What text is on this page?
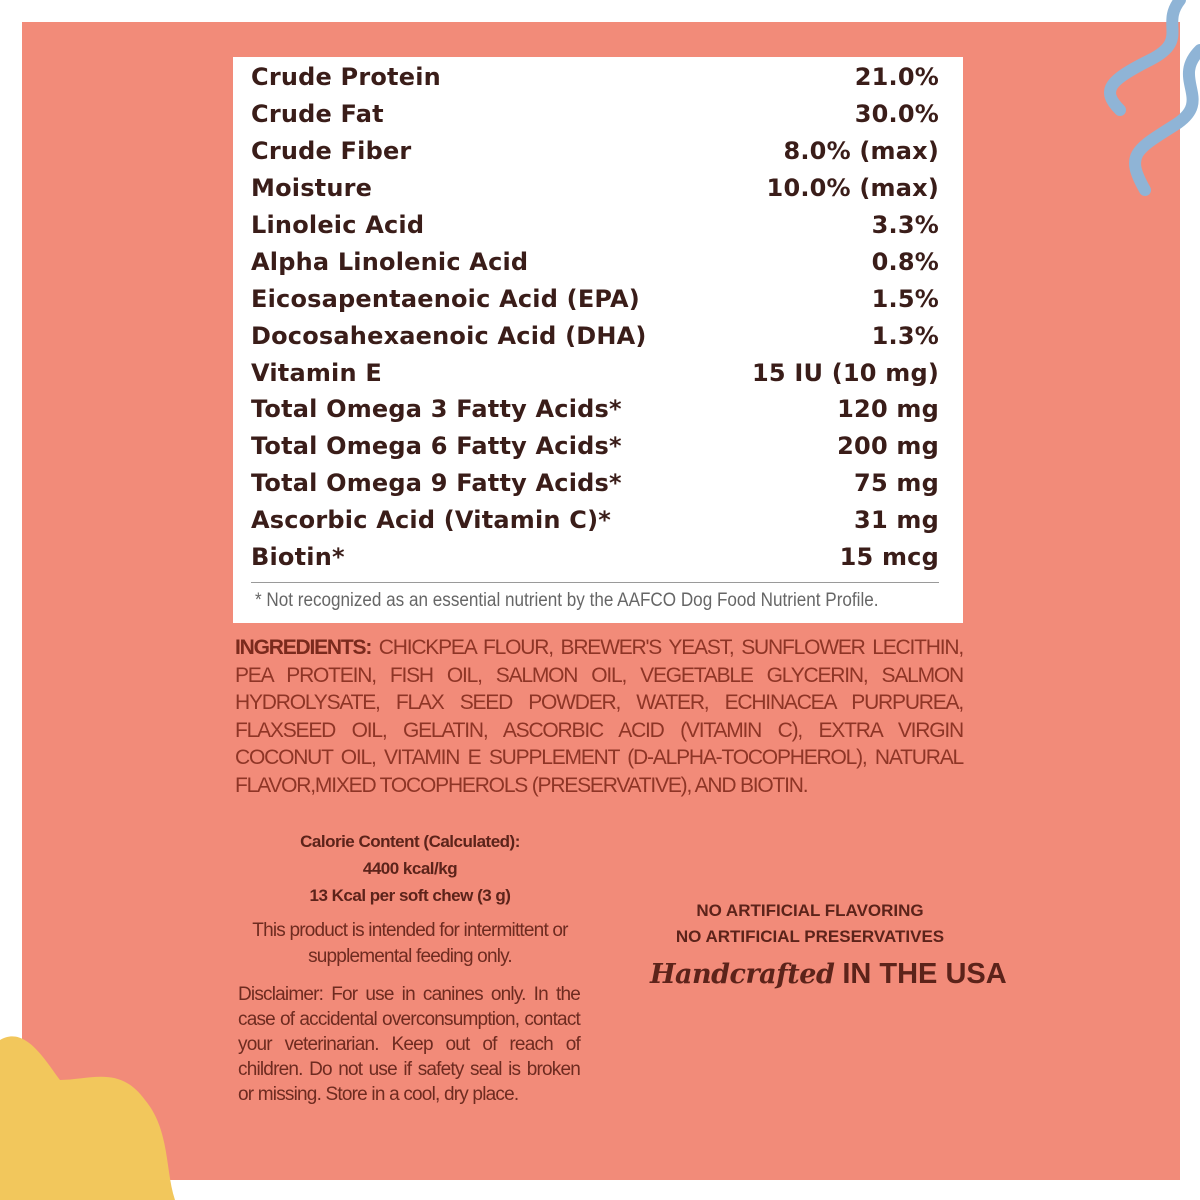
Crude Protein	21.0%
Crude Fat	30.0%
Crude Fiber	8.0% (max)
Moisture	10.0% (max)
Linoleic Acid	3.3%
Alpha Linolenic Acid	0.8%
Eicosapentaenoic Acid (EPA)	1.5%
Docosahexaenoic Acid (DHA)	1.3%
Vitamin E	15 IU (10 mg)
Total Omega 3 Fatty Acids*	120 mg
Total Omega 6 Fatty Acids*	200 mg
Total Omega 9 Fatty Acids*	75 mg
Ascorbic Acid (Vitamin C)*	31 mg
Biotin*	15 mcg
* Not recognized as an essential nutrient by the AAFCO Dog Food Nutrient Profile.
INGREDIENTS: CHICKPEA FLOUR, BREWER'S YEAST, SUNFLOWER LECITHIN, PEA PROTEIN, FISH OIL, SALMON OIL, VEGETABLE GLYCERIN, SALMON HYDROLYSATE, FLAX SEED POWDER, WATER, ECHINACEA PURPUREA, FLAXSEED OIL, GELATIN, ASCORBIC ACID (VITAMIN C), EXTRA VIRGIN COCONUT OIL, VITAMIN E SUPPLEMENT (D-ALPHA-TOCOPHEROL), NATURAL FLAVOR,MIXED TOCOPHEROLS (PRESERVATIVE), AND BIOTIN.
Calorie Content (Calculated):
4400 kcal/kg
13 Kcal per soft chew (3 g)
This product is intended for intermittent or supplemental feeding only.
Disclaimer: For use in canines only. In the case of accidental overconsumption, contact your veterinarian. Keep out of reach of children. Do not use if safety seal is broken or missing. Store in a cool, dry place.
NO ARTIFICIAL FLAVORING
NO ARTIFICIAL PRESERVATIVES
Handcrafted IN THE USA
